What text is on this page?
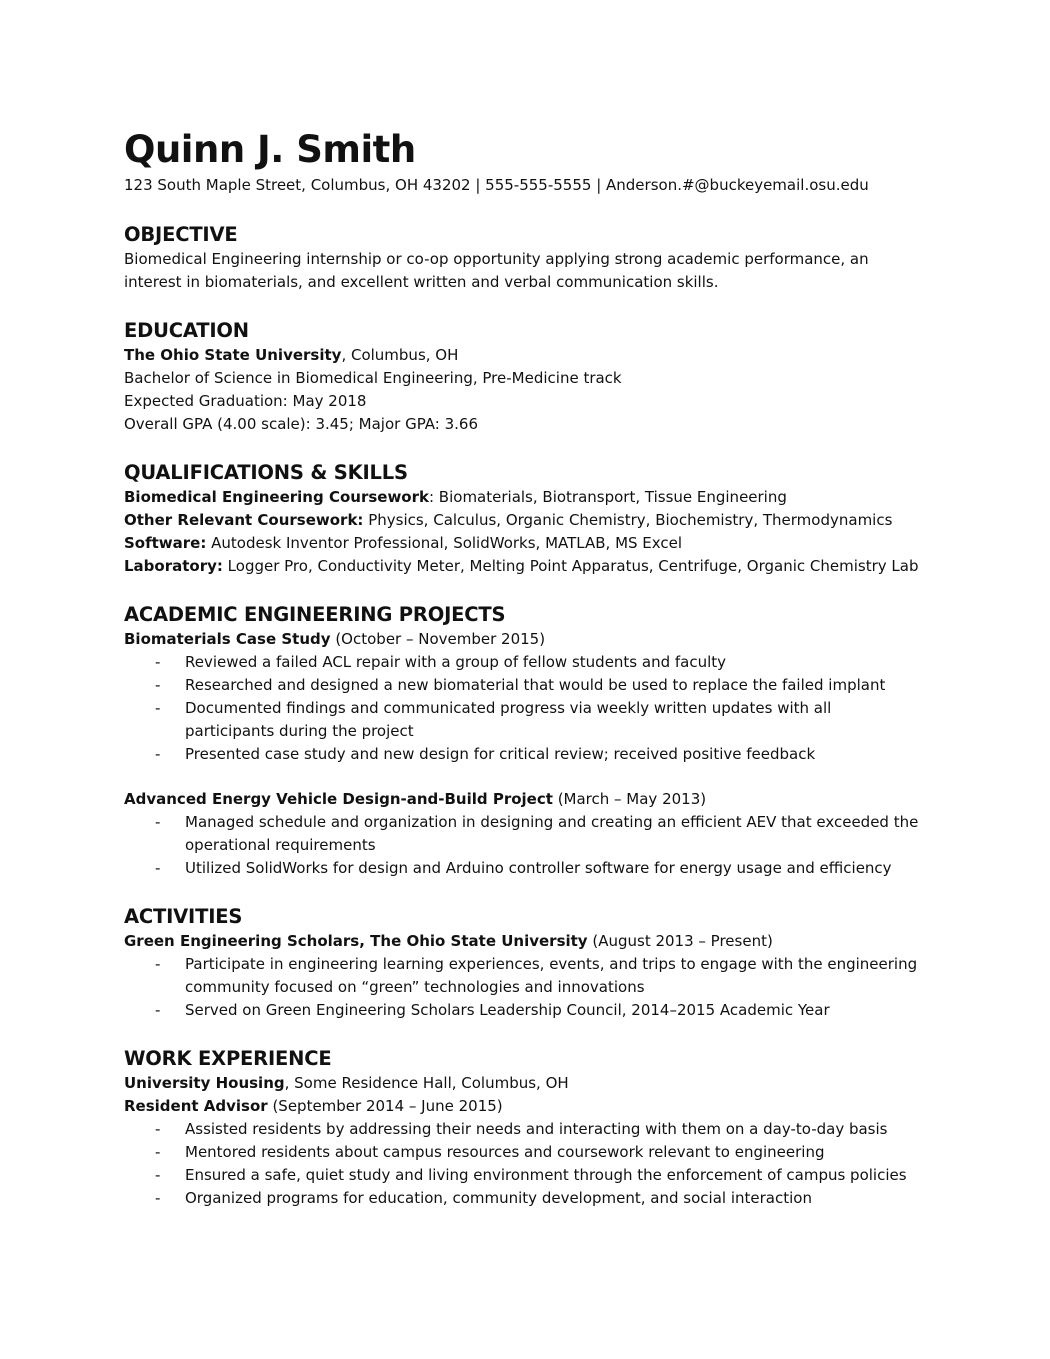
Quinn J. Smith
123 South Maple Street, Columbus, OH 43202 | 555-555-5555 | Anderson.#@buckeyemail.osu.edu
OBJECTIVE
Biomedical Engineering internship or co-op opportunity applying strong academic performance, an interest in biomaterials, and excellent written and verbal communication skills.
EDUCATION
The Ohio State University, Columbus, OH
Bachelor of Science in Biomedical Engineering, Pre-Medicine track
Expected Graduation: May 2018
Overall GPA (4.00 scale): 3.45; Major GPA: 3.66
QUALIFICATIONS & SKILLS
Biomedical Engineering Coursework: Biomaterials, Biotransport, Tissue Engineering
Other Relevant Coursework: Physics, Calculus, Organic Chemistry, Biochemistry, Thermodynamics
Software: Autodesk Inventor Professional, SolidWorks, MATLAB, MS Excel
Laboratory: Logger Pro, Conductivity Meter, Melting Point Apparatus, Centrifuge, Organic Chemistry Lab
ACADEMIC ENGINEERING PROJECTS
Biomaterials Case Study (October – November 2015)
- Reviewed a failed ACL repair with a group of fellow students and faculty
- Researched and designed a new biomaterial that would be used to replace the failed implant
- Documented findings and communicated progress via weekly written updates with all participants during the project
- Presented case study and new design for critical review; received positive feedback
Advanced Energy Vehicle Design-and-Build Project (March – May 2013)
- Managed schedule and organization in designing and creating an efficient AEV that exceeded the operational requirements
- Utilized SolidWorks for design and Arduino controller software for energy usage and efficiency
ACTIVITIES
Green Engineering Scholars, The Ohio State University (August 2013 – Present)
- Participate in engineering learning experiences, events, and trips to engage with the engineering community focused on “green” technologies and innovations
- Served on Green Engineering Scholars Leadership Council, 2014–2015 Academic Year
WORK EXPERIENCE
University Housing, Some Residence Hall, Columbus, OH
Resident Advisor (September 2014 – June 2015)
- Assisted residents by addressing their needs and interacting with them on a day-to-day basis
- Mentored residents about campus resources and coursework relevant to engineering
- Ensured a safe, quiet study and living environment through the enforcement of campus policies
- Organized programs for education, community development, and social interaction
